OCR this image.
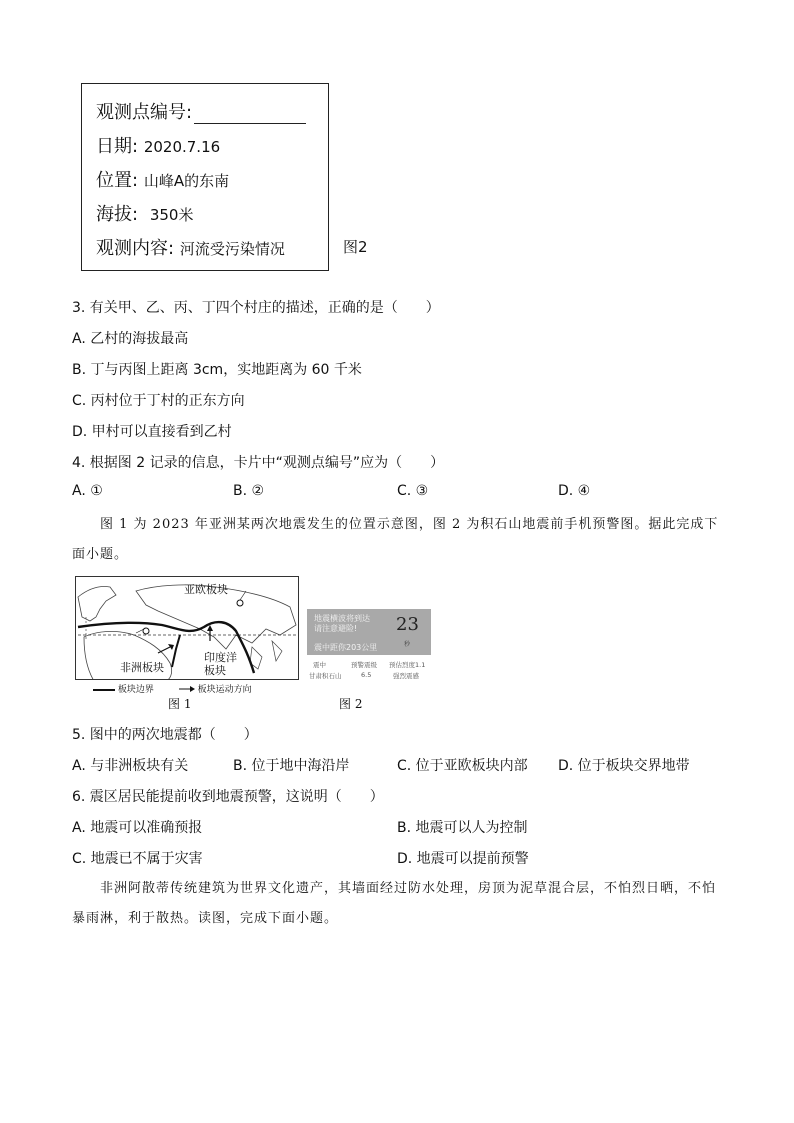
观测点编号:
日期: 2020.7.16
位置: 山峰A的东南
海拔: 350米
观测内容: 河流受污染情况	图2
3. 有关甲、乙、丙、丁四个村庄的描述，正确的是（　　）
A. 乙村的海拔最高
B. 丁与丙图上距离 3cm，实地距离为 60 千米
C. 丙村位于丁村的正东方向
D. 甲村可以直接看到乙村
4. 根据图 2 记录的信息，卡片中“观测点编号”应为（　　）
A. ①	B. ②	C. ③	D. ④
图 1 为 2023 年亚洲某两次地震发生的位置示意图，图 2 为积石山地震前手机预警图。据此完成下面小题。
亚欧板块
非洲板块
印度洋板块
板块边界	板块运动方向
图 1
地震横波将到达
请注意避险!	23
秒
震中距你203公里
震中
甘肃积石山
预警震级
6.5
预估烈度1.1
强烈震感
图 2
5. 图中的两次地震都（　　）
A. 与非洲板块有关	B. 位于地中海沿岸	C. 位于亚欧板块内部 D. 位于板块交界地带
6. 震区居民能提前收到地震预警，这说明（　　）
A. 地震可以准确预报	B. 地震可以人为控制
C. 地震已不属于灾害	D. 地震可以提前预警
非洲阿散蒂传统建筑为世界文化遗产，其墙面经过防水处理，房顶为泥草混合层，不怕烈日晒，不怕暴雨淋，利于散热。读图，完成下面小题。
